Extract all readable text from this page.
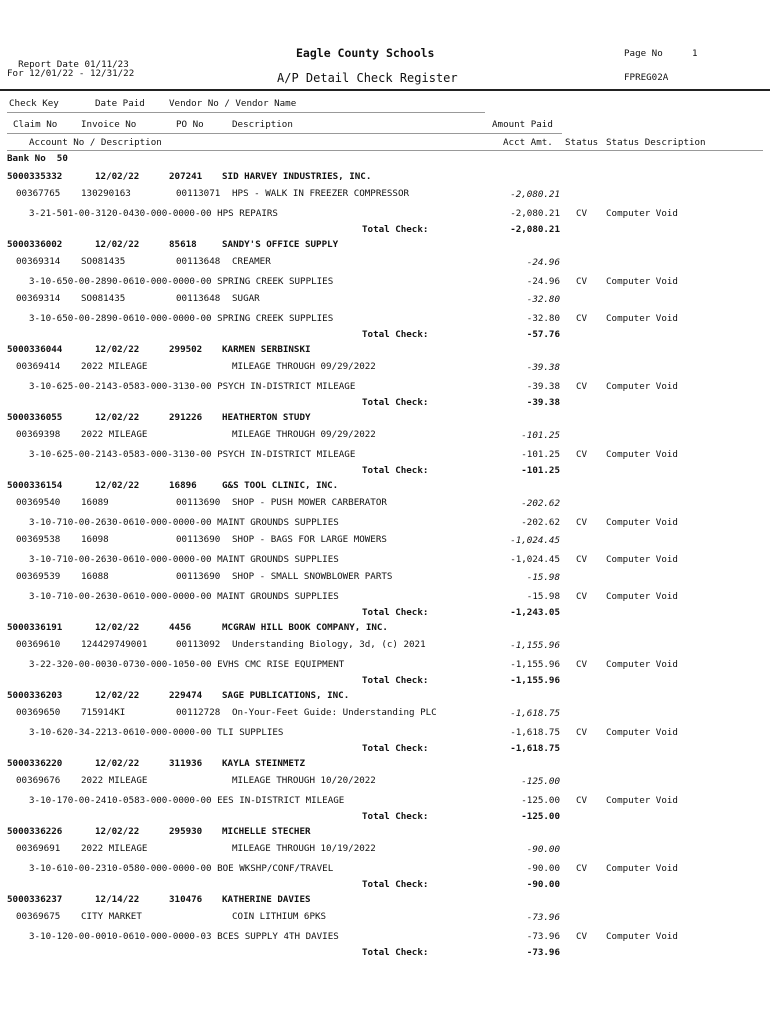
Report Date 01/11/23
For 12/01/22 - 12/31/22
Eagle County Schools
A/P Detail Check Register
Page No	1
FPREG02A
Check Key	Date Paid	Vendor No / Vendor Name
Claim No	Invoice No	PO No	Description	Amount Paid
Account No / Description	Acct Amt. Status Status Description
Bank No  50
5000335332	12/02/22	207241 SID HARVEY INDUSTRIES, INC.
00367765 130290163	00113071 HPS - WALK IN FREEZER COMPRESSOR	-2,080.21
3-21-501-00-3120-0430-000-0000-00 HPS REPAIRS	-2,080.21 CV Computer Void
Total Check:	-2,080.21
5000336002	12/02/22	85618	SANDY'S OFFICE SUPPLY
00369314 SO081435	00113648 CREAMER	-24.96
3-10-650-00-2890-0610-000-0000-00 SPRING CREEK SUPPLIES	-24.96 CV Computer Void
00369314 SO081435	00113648 SUGAR	-32.80
3-10-650-00-2890-0610-000-0000-00 SPRING CREEK SUPPLIES	-32.80 CV Computer Void
Total Check:	-57.76
5000336044	12/02/22	299502 KARMEN SERBINSKI
00369414 2022 MILEAGE	MILEAGE THROUGH 09/29/2022	-39.38
3-10-625-00-2143-0583-000-3130-00 PSYCH IN-DISTRICT MILEAGE	-39.38 CV Computer Void
Total Check:	-39.38
5000336055	12/02/22	291226 HEATHERTON STUDY
00369398 2022 MILEAGE	MILEAGE THROUGH 09/29/2022	-101.25
3-10-625-00-2143-0583-000-3130-00 PSYCH IN-DISTRICT MILEAGE	-101.25 CV Computer Void
Total Check:	-101.25
5000336154	12/02/22	16896	G&S TOOL CLINIC, INC.
00369540 16089	00113690 SHOP - PUSH MOWER CARBERATOR	-202.62
3-10-710-00-2630-0610-000-0000-00 MAINT GROUNDS SUPPLIES	-202.62 CV Computer Void
00369538 16098	00113690 SHOP - BAGS FOR LARGE MOWERS	-1,024.45
3-10-710-00-2630-0610-000-0000-00 MAINT GROUNDS SUPPLIES	-1,024.45 CV Computer Void
00369539 16088	00113690 SHOP - SMALL SNOWBLOWER PARTS	-15.98
3-10-710-00-2630-0610-000-0000-00 MAINT GROUNDS SUPPLIES	-15.98 CV Computer Void
Total Check:	-1,243.05
5000336191	12/02/22	4456	MCGRAW HILL BOOK COMPANY, INC.
00369610 124429749001	00113092 Understanding Biology, 3d, (c) 2021	-1,155.96
3-22-320-00-0030-0730-000-1050-00 EVHS CMC RISE EQUIPMENT	-1,155.96 CV Computer Void
Total Check:	-1,155.96
5000336203	12/02/22	229474 SAGE PUBLICATIONS, INC.
00369650 715914KI	00112728 On-Your-Feet Guide: Understanding PLC	-1,618.75
3-10-620-34-2213-0610-000-0000-00 TLI SUPPLIES	-1,618.75 CV Computer Void
Total Check:	-1,618.75
5000336220	12/02/22	311936 KAYLA STEINMETZ
00369676 2022 MILEAGE	MILEAGE THROUGH 10/20/2022	-125.00
3-10-170-00-2410-0583-000-0000-00 EES IN-DISTRICT MILEAGE	-125.00 CV Computer Void
Total Check:	-125.00
5000336226	12/02/22	295930 MICHELLE STECHER
00369691 2022 MILEAGE	MILEAGE THROUGH 10/19/2022	-90.00
3-10-610-00-2310-0580-000-0000-00 BOE WKSHP/CONF/TRAVEL	-90.00 CV Computer Void
Total Check:	-90.00
5000336237	12/14/22	310476 KATHERINE DAVIES
00369675 CITY MARKET	COIN LITHIUM 6PKS	-73.96
3-10-120-00-0010-0610-000-0000-03 BCES SUPPLY 4TH DAVIES	-73.96 CV Computer Void
Total Check:	-73.96
